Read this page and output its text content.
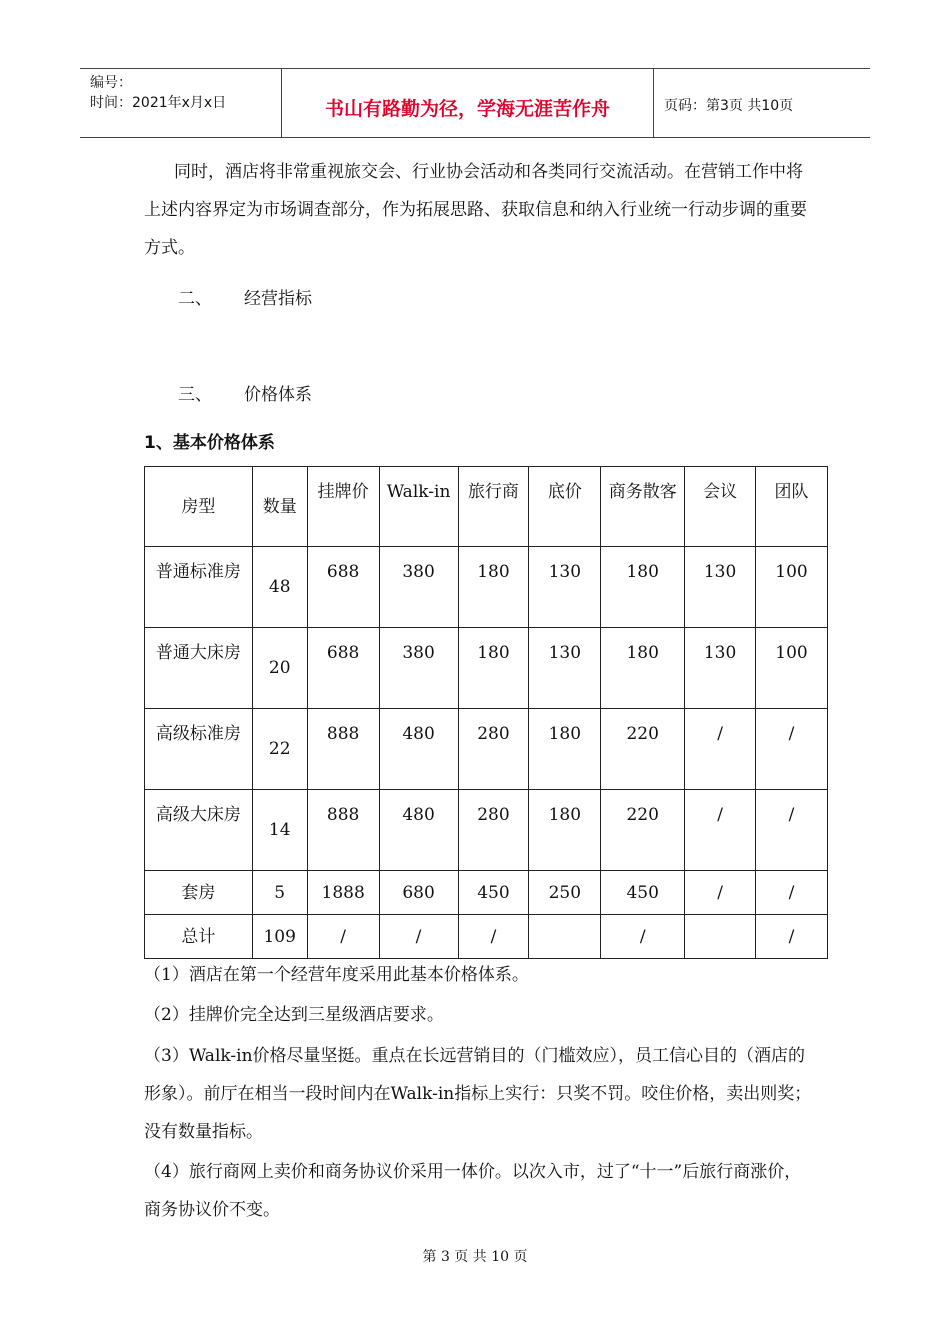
编号：
时间：2021年x月x日	书山有路勤为径，学海无涯苦作舟	页码：第3页 共10页
同时，酒店将非常重视旅交会、行业协会活动和各类同行交流活动。在营销工作中将上述内容界定为市场调查部分，作为拓展思路、获取信息和纳入行业统一行动步调的重要方式。
二、 经营指标
三、 价格体系
1、基本价格体系
房型	数量	挂牌价	Walk-in	旅行商	底价	商务散客	会议	团队
普通标准房	48	688	380	180	130	180	130	100
普通大床房	20	688	380	180	130	180	130	100
高级标准房	22	888	480	280	180	220	/	/
高级大床房	14	888	480	280	180	220	/	/
套房	5	1888	680	450	250	450	/	/
总计	109	/	/	/		/		/
（1）酒店在第一个经营年度采用此基本价格体系。
（2）挂牌价完全达到三星级酒店要求。
（3）Walk-in价格尽量坚挺。重点在长远营销目的（门槛效应），员工信心目的（酒店的形象）。前厅在相当一段时间内在Walk-in指标上实行：只奖不罚。咬住价格，卖出则奖；没有数量指标。
（4）旅行商网上卖价和商务协议价采用一体价。以次入市，过了“十一”后旅行商涨价，商务协议价不变。
第 3 页 共 10 页
